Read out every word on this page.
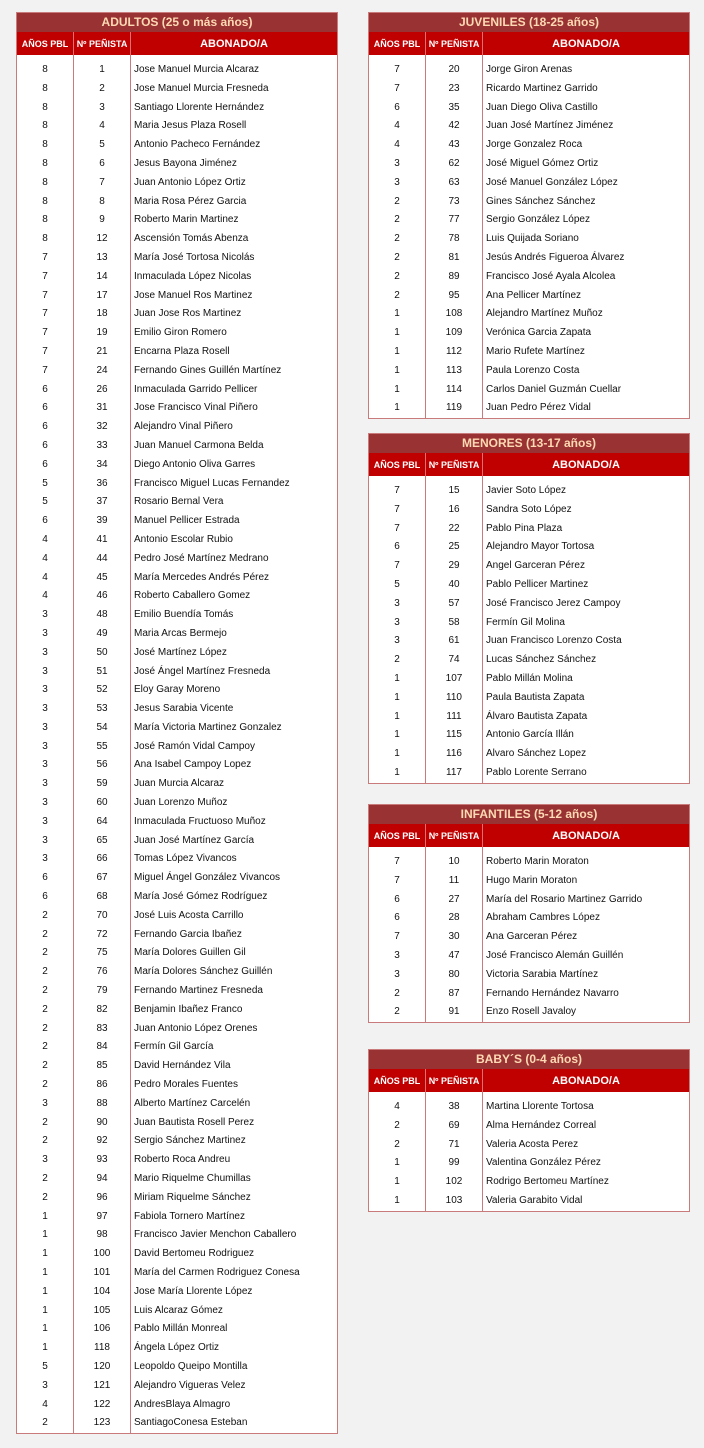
ADULTOS (25 o más años)		
AÑOS PBL	Nº PEÑISTA	ABONADO/A

8	1	Jose Manuel Murcia Alcaraz
8	2	Jose Manuel Murcia Fresneda
8	3	Santiago Llorente Hernández
8	4	Maria Jesus Plaza Rosell
8	5	Antonio Pacheco Fernández
8	6	Jesus Bayona Jiménez
8	7	Juan Antonio López Ortiz
8	8	Maria Rosa Pérez Garcia
8	9	Roberto Marin Martinez
8	12	Ascensión Tomás Abenza
7	13	María José Tortosa Nicolás
7	14	Inmaculada López Nicolas
7	17	Jose Manuel Ros Martinez
7	18	Juan Jose Ros Martinez
7	19	Emilio Giron Romero
7	21	Encarna Plaza Rosell
7	24	Fernando Gines Guillén Martínez
6	26	Inmaculada Garrido Pellicer
6	31	Jose Francisco Vinal Piñero
6	32	Alejandro Vinal Piñero
6	33	Juan Manuel Carmona Belda
6	34	Diego Antonio Oliva Garres
5	36	Francisco Miguel Lucas Fernandez
5	37	Rosario Bernal Vera
6	39	Manuel Pellicer Estrada
4	41	Antonio Escolar Rubio
4	44	Pedro José Martínez Medrano
4	45	María Mercedes Andrés Pérez
4	46	Roberto Caballero Gomez
3	48	Emilio Buendía Tomás
3	49	Maria Arcas Bermejo
3	50	José Martínez López
3	51	José Ángel Martínez Fresneda
3	52	Eloy Garay Moreno
3	53	Jesus Sarabia Vicente
3	54	María Victoria Martinez Gonzalez
3	55	José Ramón Vidal Campoy
3	56	Ana Isabel Campoy Lopez
3	59	Juan Murcia Alcaraz
3	60	Juan Lorenzo Muñoz
3	64	Inmaculada Fructuoso Muñoz
3	65	Juan José Martínez García
3	66	Tomas López Vivancos
6	67	Miguel Ángel González Vivancos
6	68	María José Gómez Rodríguez
2	70	José Luis Acosta Carrillo
2	72	Fernando Garcia Ibañez
2	75	María Dolores Guillen Gil
2	76	María Dolores Sánchez Guillén
2	79	Fernando Martinez Fresneda
2	82	Benjamin Ibañez Franco
2	83	Juan Antonio López Orenes
2	84	Fermín Gil García
2	85	David Hernández Vila
2	86	Pedro Morales Fuentes
3	88	Alberto Martínez Carcelén
2	90	Juan Bautista Rosell Perez
2	92	Sergio Sánchez Martinez
3	93	Roberto Roca Andreu
2	94	Mario Riquelme Chumillas
2	96	Miriam Riquelme Sánchez
1	97	Fabiola Tornero Martínez
1	98	Francisco Javier Menchon Caballero
1	100	David Bertomeu Rodriguez
1	101	María del Carmen Rodriguez Conesa
1	104	Jose María Llorente López
1	105	Luis Alcaraz Gómez
1	106	Pablo Millán Monreal
1	118	Ángela López Ortiz
5	120	Leopoldo Queipo Montilla
3	121	Alejandro Vigueras Velez
4	122	AndresBlaya Almagro
2	123	SantiagoConesa Esteban
JUVENILES (18-25 años)		
AÑOS PBL	Nº PEÑISTA	ABONADO/A

7	20	Jorge Giron Arenas
7	23	Ricardo Martinez Garrido
6	35	Juan Diego Oliva Castillo
4	42	Juan José Martínez Jiménez
4	43	Jorge Gonzalez Roca
3	62	José Miguel Gómez Ortiz
3	63	José Manuel González López
2	73	Gines Sánchez Sánchez
2	77	Sergio González López
2	78	Luis Quijada Soriano
2	81	Jesús Andrés Figueroa Álvarez
2	89	Francisco José Ayala Alcolea
2	95	Ana Pellicer Martínez
1	108	Alejandro Martínez Muñoz
1	109	Verónica Garcia Zapata
1	112	Mario Rufete Martínez
1	113	Paula Lorenzo Costa
1	114	Carlos Daniel Guzmán Cuellar
1	119	Juan Pedro Pérez Vidal
MENORES (13-17 años)		
AÑOS PBL	Nº PEÑISTA	ABONADO/A

7	15	Javier Soto López
7	16	Sandra Soto López
7	22	Pablo Pina Plaza
6	25	Alejandro Mayor Tortosa
7	29	Angel Garceran Pérez
5	40	Pablo Pellicer Martinez
3	57	José Francisco Jerez Campoy
3	58	Fermín Gil Molina
3	61	Juan Francisco Lorenzo Costa
2	74	Lucas Sánchez Sánchez
1	107	Pablo Millán Molina
1	110	Paula Bautista Zapata
1	111	Álvaro Bautista Zapata
1	115	Antonio García Illán
1	116	Alvaro Sánchez Lopez
1	117	Pablo Lorente Serrano
INFANTILES (5-12 años)		
AÑOS PBL	Nº PEÑISTA	ABONADO/A

7	10	Roberto Marin Moraton
7	11	Hugo Marin Moraton
6	27	María del Rosario Martinez Garrido
6	28	Abraham Cambres López
7	30	Ana Garceran Pérez
3	47	José Francisco Alemán Guillén
3	80	Victoria Sarabia Martínez
2	87	Fernando Hernández Navarro
2	91	Enzo Rosell Javaloy
BABY´S (0-4 años)		
AÑOS PBL	Nº PEÑISTA	ABONADO/A

4	38	Martina Llorente Tortosa
2	69	Alma Hernández Correal
2	71	Valeria Acosta Perez
1	99	Valentina González Pérez
1	102	Rodrigo Bertomeu Martínez
1	103	Valeria Garabito Vidal
